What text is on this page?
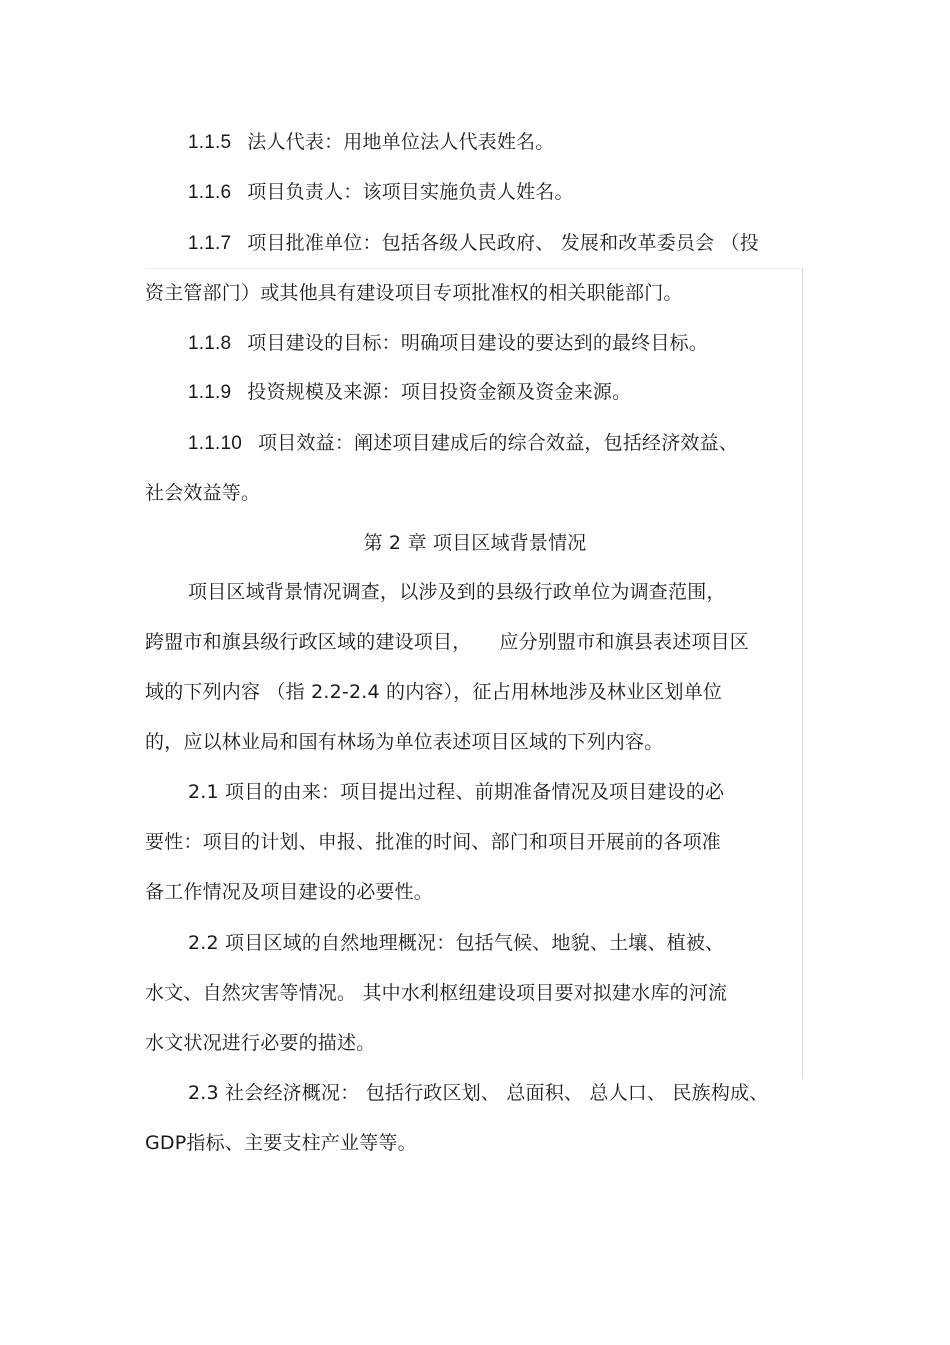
1.1.5 法人代表：用地单位法人代表姓名。
1.1.6 项目负责人：该项目实施负责人姓名。
1.1.7 项目批准单位：包括各级人民政府、 发展和改革委员会 （投
资主管部门）或其他具有建设项目专项批准权的相关职能部门。
1.1.8 项目建设的目标：明确项目建设的要达到的最终目标。
1.1.9 投资规模及来源：项目投资金额及资金来源。
1.1.10 项目效益：阐述项目建成后的综合效益，包括经济效益、
社会效益等。
第 2 章 项目区域背景情况
项目区域背景情况调查，以涉及到的县级行政单位为调查范围，
跨盟市和旗县级行政区域的建设项目， 应分别盟市和旗县表述项目区
域的下列内容 （指 2.2-2.4 的内容），征占用林地涉及林业区划单位
的，应以林业局和国有林场为单位表述项目区域的下列内容。
2.1 项目的由来：项目提出过程、前期准备情况及项目建设的必
要性：项目的计划、申报、批准的时间、部门和项目开展前的各项准
备工作情况及项目建设的必要性。
2.2 项目区域的自然地理概况：包括气候、地貌、土壤、植被、
水文、自然灾害等情况。 其中水利枢纽建设项目要对拟建水库的河流
水文状况进行必要的描述。
2.3 社会经济概况： 包括行政区划、 总面积、 总人口、 民族构成、
GDP指标、主要支柱产业等等。
